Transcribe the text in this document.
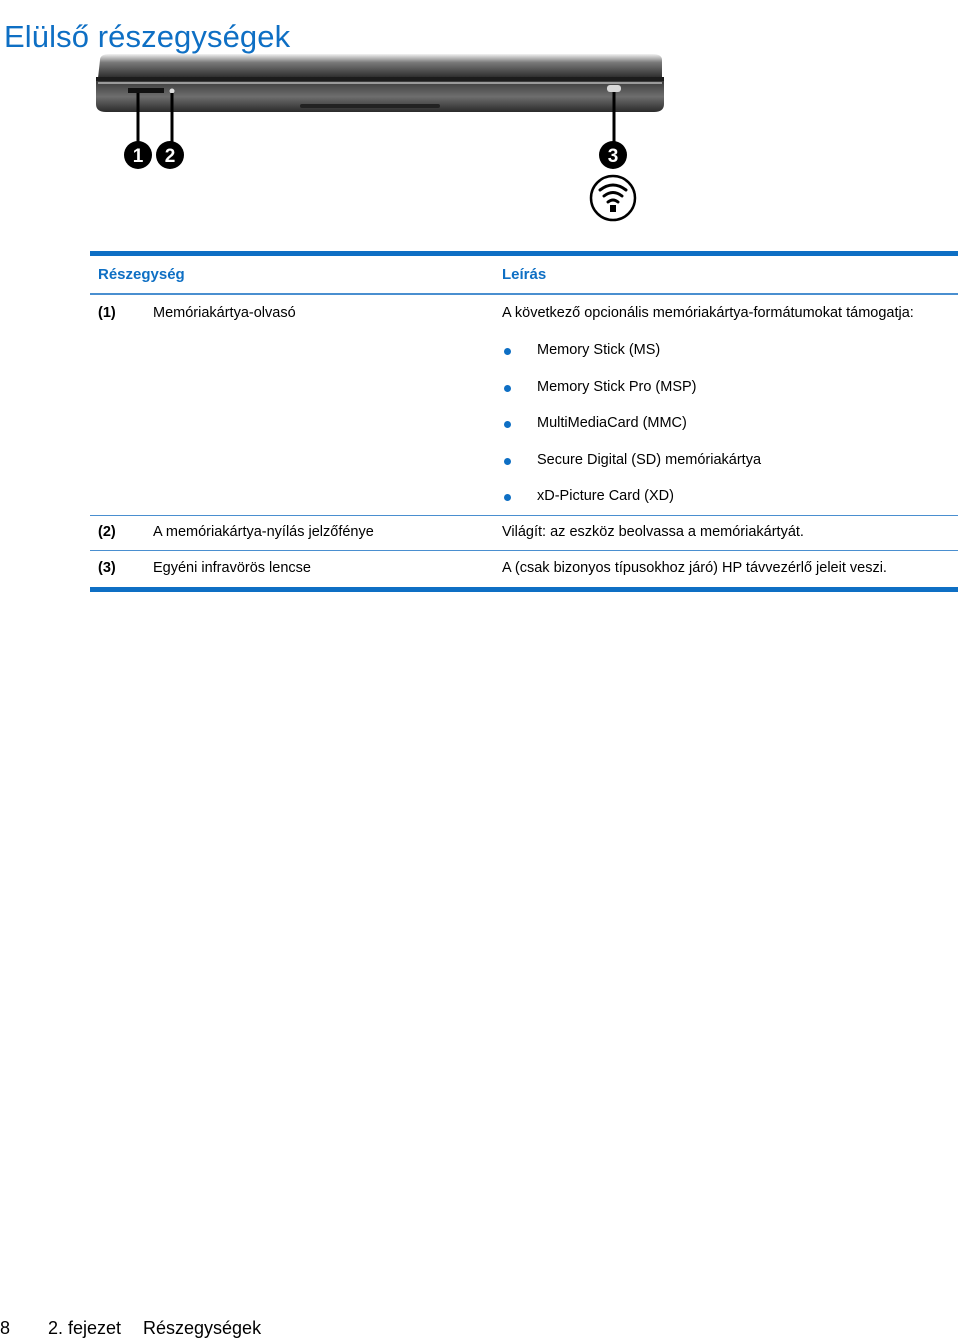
Elülső részegységek
1 2	3
Részegység	Leírás
(1)	Memóriakártya-olvasó	A következő opcionális memóriakártya-formátumokat támogatja:
Memory Stick (MS)
Memory Stick Pro (MSP)
MultiMediaCard (MMC)
Secure Digital (SD) memóriakártya
xD-Picture Card (XD)
(2)	A memóriakártya-nyílás jelzőfénye	Világít: az eszköz beolvassa a memóriakártyát.
(3)	Egyéni infravörös lencse	A (csak bizonyos típusokhoz járó) HP távvezérlő jeleit veszi.
8 2. fejezet Részegységek
